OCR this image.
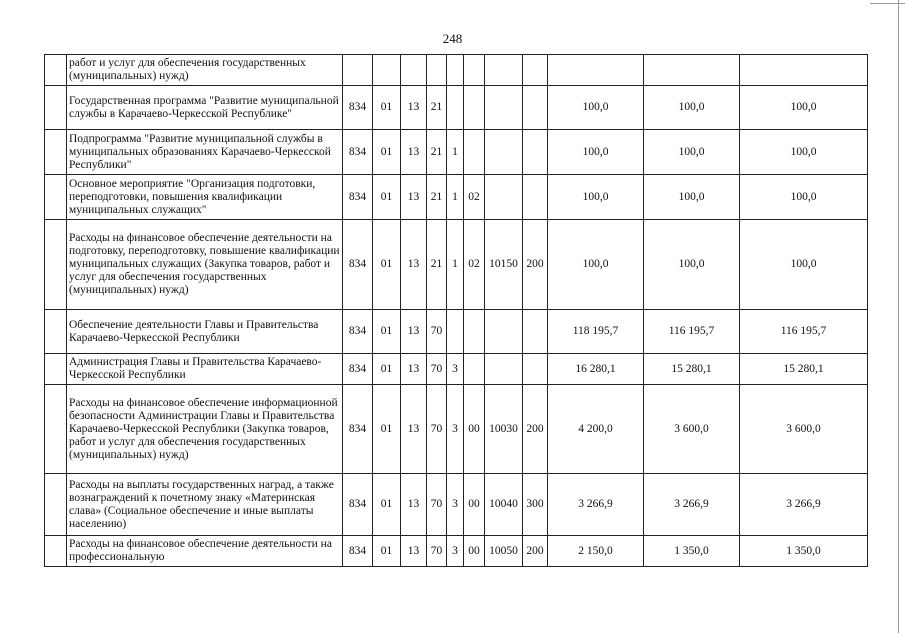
248
	работ и услуг для обеспечения государственных (муниципальных) нужд)											
	Государственная программа "Развитие муниципальной службы в Карачаево-Черкесской Республике"	834	01	13	21					100,0	100,0	100,0
	Подпрограмма "Развитие муниципальной службы в муниципальных образованиях Карачаево-Черкесской Республики"	834	01	13	21	1				100,0	100,0	100,0
	Основное мероприятие "Организация подготовки, переподготовки, повышения квалификации муниципальных служащих"	834	01	13	21	1	02			100,0	100,0	100,0
	Расходы на финансовое обеспечение деятельности на подготовку, переподготовку, повышение квалификации муниципальных служащих (Закупка товаров, работ и услуг для обеспечения государственных (муниципальных) нужд)	834	01	13	21	1	02	10150	200	100,0	100,0	100,0
	Обеспечение деятельности Главы и Правительства Карачаево-Черкесской Республики	834	01	13	70					118 195,7	116 195,7	116 195,7
	Администрация Главы и Правительства Карачаево-Черкесской Республики	834	01	13	70	3				16 280,1	15 280,1	15 280,1
	Расходы на финансовое обеспечение информационной безопасности Администрации Главы и Правительства Карачаево-Черкесской Республики (Закупка товаров, работ и услуг для обеспечения государственных (муниципальных) нужд)	834	01	13	70	3	00	10030	200	4 200,0	3 600,0	3 600,0
	Расходы на выплаты государственных наград, а также вознаграждений к почетному знаку «Материнская слава» (Социальное обеспечение и иные выплаты населению)	834	01	13	70	3	00	10040	300	3 266,9	3 266,9	3 266,9
	Расходы на финансовое обеспечение деятельности на профессиональную	834	01	13	70	3	00	10050	200	2 150,0	1 350,0	1 350,0
